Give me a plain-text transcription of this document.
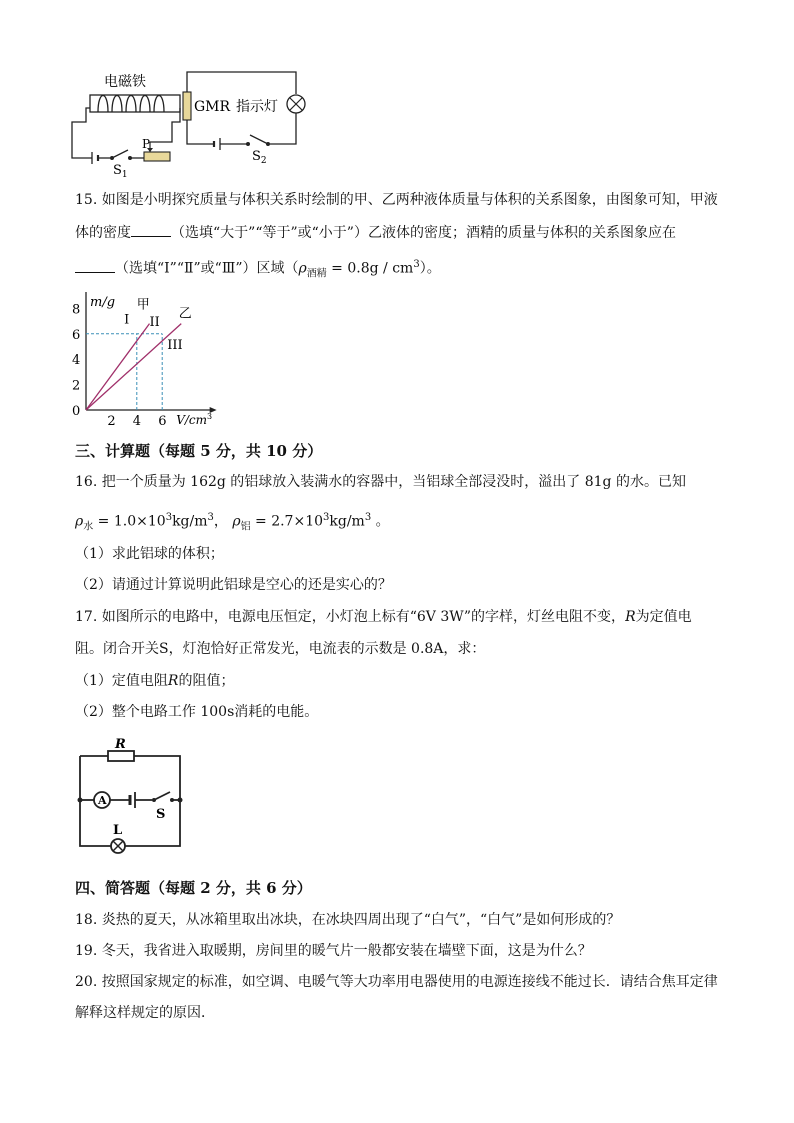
电磁铁
GMR 指示灯
P
$S_1$
$S_2$
15. 如图是小明探究质量与体积关系时绘制的甲、乙两种液体质量与体积的关系图象，由图象可知，甲液
体的密度	（选填“大于”“等于”或“小于”）乙液体的密度；酒精的质量与体积的关系图象应在
（选填“Ⅰ”“Ⅱ”或“Ⅲ”）区域$(\rho_{酒精} = 0.8g / cm^3)$。
2 4 6
2
4
6
8
0
m/g
$V/cm^3$
甲
乙
I II
III
三、计算题（每题 5 分，共 10 分）
16. 把一个质量为 162g 的铝球放入装满水的容器中，当铝球全部浸没时，溢出了 81g 的水。已知
$\rho_水 = 1.0\times 10^3kg/m^3$， $\rho_铝 = 2.7\times 10^3kg/m^3$ 。
（1）求此铝球的体积；
（2）请通过计算说明此铝球是空心的还是实心的？
17. 如图所示的电路中，电源电压恒定，小灯泡上标有“6V 3W”的字样，灯丝电阻不变，R为定值电
阻。闭合开关S，灯泡恰好正常发光，电流表的示数是 0.8A，求：
（1）定值电阻R的阻值；
（2）整个电路工作 100s消耗的电能。
R
A
S
L
四、简答题（每题 2 分，共 6 分）
18. 炎热的夏天，从冰箱里取出冰块，在冰块四周出现了“白气”，“白气”是如何形成的？
19. 冬天，我省进入取暖期，房间里的暖气片一般都安装在墙壁下面，这是为什么？
20. 按照国家规定的标准，如空调、电暖气等大功率用电器使用的电源连接线不能过长．请结合焦耳定律
解释这样规定的原因．
